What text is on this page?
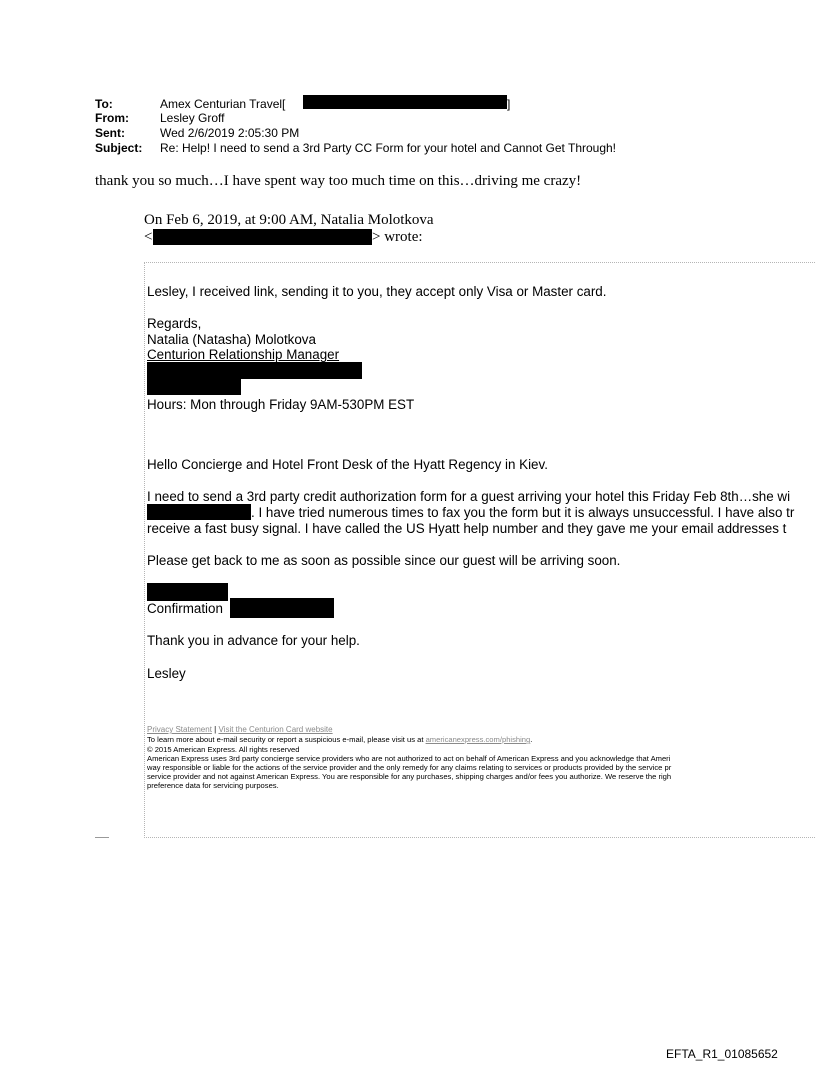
To:	Amex Centurian Travel[	]
From:	Lesley Groff
Sent:	Wed 2/6/2019 2:05:30 PM
Subject: Re: Help! I need to send a 3rd Party CC Form for your hotel and Cannot Get Through!
thank you so much…I have spent way too much time on this…driving me crazy!
On Feb 6, 2019, at 9:00 AM, Natalia Molotkova
<	> wrote:
Lesley, I received link, sending it to you, they accept only Visa or Master card.
Regards,
Natalia (Natasha) Molotkova
Centurion Relationship Manager
Hours: Mon through Friday 9AM-530PM EST
Hello Concierge and Hotel Front Desk of the Hyatt Regency in Kiev.
I need to send a 3rd party credit authorization form for a guest arriving your hotel this Friday Feb 8th…she wi
. I have tried numerous times to fax you the form but it is always unsuccessful. I have also tr
receive a fast busy signal. I have called the US Hyatt help number and they gave me your email addresses t
Please get back to me as soon as possible since our guest will be arriving soon.
Confirmation
Thank you in advance for your help.
Lesley
Privacy Statement | Visit the Centurion Card website
To learn more about e-mail security or report a suspicious e-mail, please visit us at americanexpress.com/phishing.
© 2015 American Express. All rights reserved
American Express uses 3rd party concierge service providers who are not authorized to act on behalf of American Express and you acknowledge that Ameri
way responsible or liable for the actions of the service provider and the only remedy for any claims relating to services or products provided by the service pr
service provider and not against American Express. You are responsible for any purchases, shipping charges and/or fees you authorize. We reserve the righ
preference data for servicing purposes.
EFTA_R1_01085652
